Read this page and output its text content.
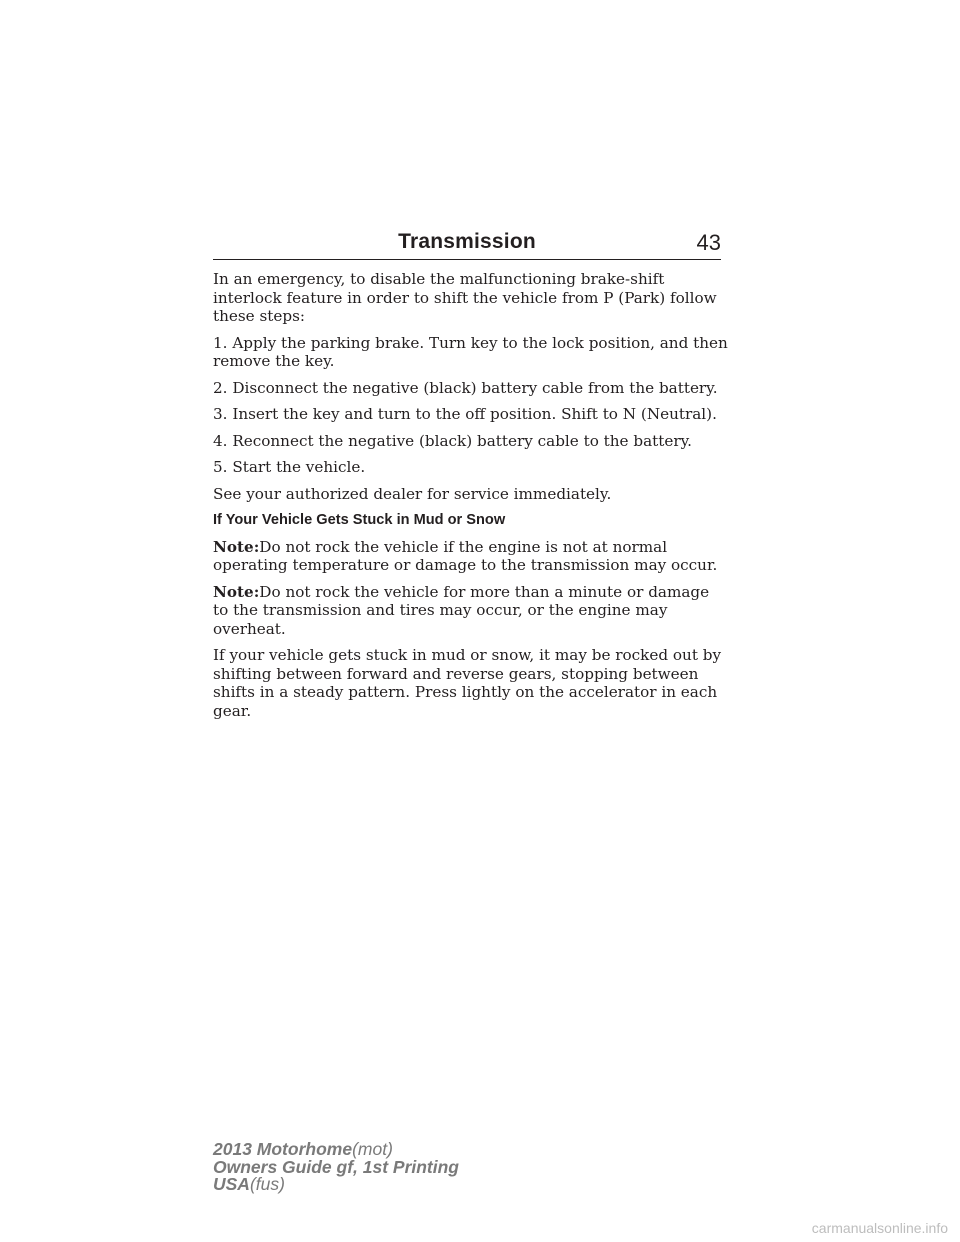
Transmission	43

In an emergency, to disable the malfunctioning brake-shift interlock feature in order to shift the vehicle from P (Park) follow these steps:

1. Apply the parking brake. Turn key to the lock position, and then remove the key.

2. Disconnect the negative (black) battery cable from the battery.

3. Insert the key and turn to the off position. Shift to N (Neutral).

4. Reconnect the negative (black) battery cable to the battery.

5. Start the vehicle.

See your authorized dealer for service immediately.

If Your Vehicle Gets Stuck in Mud or Snow

Note:Do not rock the vehicle if the engine is not at normal operating temperature or damage to the transmission may occur.

Note:Do not rock the vehicle for more than a minute or damage to the transmission and tires may occur, or the engine may overheat.

If your vehicle gets stuck in mud or snow, it may be rocked out by shifting between forward and reverse gears, stopping between shifts in a steady pattern. Press lightly on the accelerator in each gear.

2013 Motorhome(mot)
Owners Guide gf, 1st Printing
USA(fus)
carmanualsonline.info
